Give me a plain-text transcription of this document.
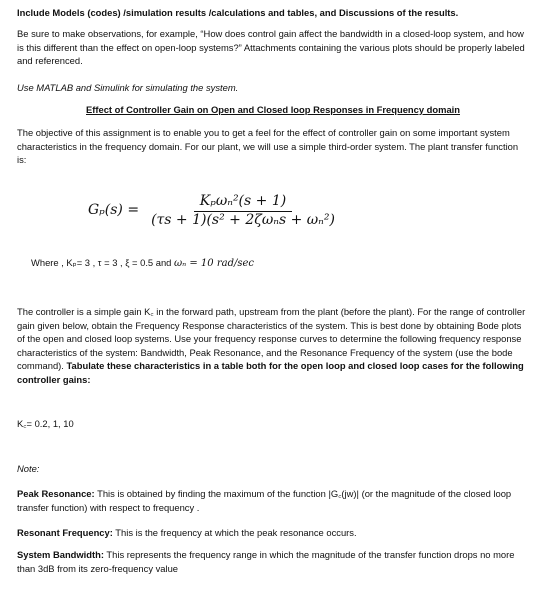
Include Models (codes) /simulation results /calculations and tables, and Discussions of the results.

Be sure to make observations, for example, “How does control gain affect the bandwidth in a closed-loop system, and how is this different than the effect on open-loop systems?” Attachments containing the various plots should be properly labeled and referenced.

Use MATLAB and Simulink for simulating the system.

Effect of Controller Gain on Open and Closed loop Responses in Frequency domain

The objective of this assignment is to enable you to get a feel for the effect of controller gain on some important system characteristics in the frequency domain. For our plant, we will use a simple third-order system. The plant transfer function is:

$G_p(s) = \frac{\text{Kₚωₙ²(s + 1)}}{\text{(τs + 1)(s² + 2ζωₙs + ωₙ²)}}$

Where , Kₚ= 3 , τ = 3 , ξ = 0.5 and ωₙ = 10 rad/sec

The controller is a simple gain K꜀ in the forward path, upstream from the plant (before the plant). For the range of controller gain given below, obtain the Frequency Response characteristics of the system. This is best done by obtaining Bode plots of the open and closed loop systems. Use your frequency response curves to determine the following frequency response characteristics of the system: Bandwidth, Peak Resonance, and the Resonance Frequency of the system (use the bode command). Tabulate these characteristics in a table both for the open loop and closed loop cases for the following controller gains:

K꜀= 0.2, 1, 10

Note:

Peak Resonance: This is obtained by finding the maximum of the function |G꜀(jw)| (or the magnitude of the closed loop transfer function) with respect to frequency .

Resonant Frequency: This is the frequency at which the peak resonance occurs.

System Bandwidth: This represents the frequency range in which the magnitude of the transfer function drops no more than 3dB from its zero-frequency value
